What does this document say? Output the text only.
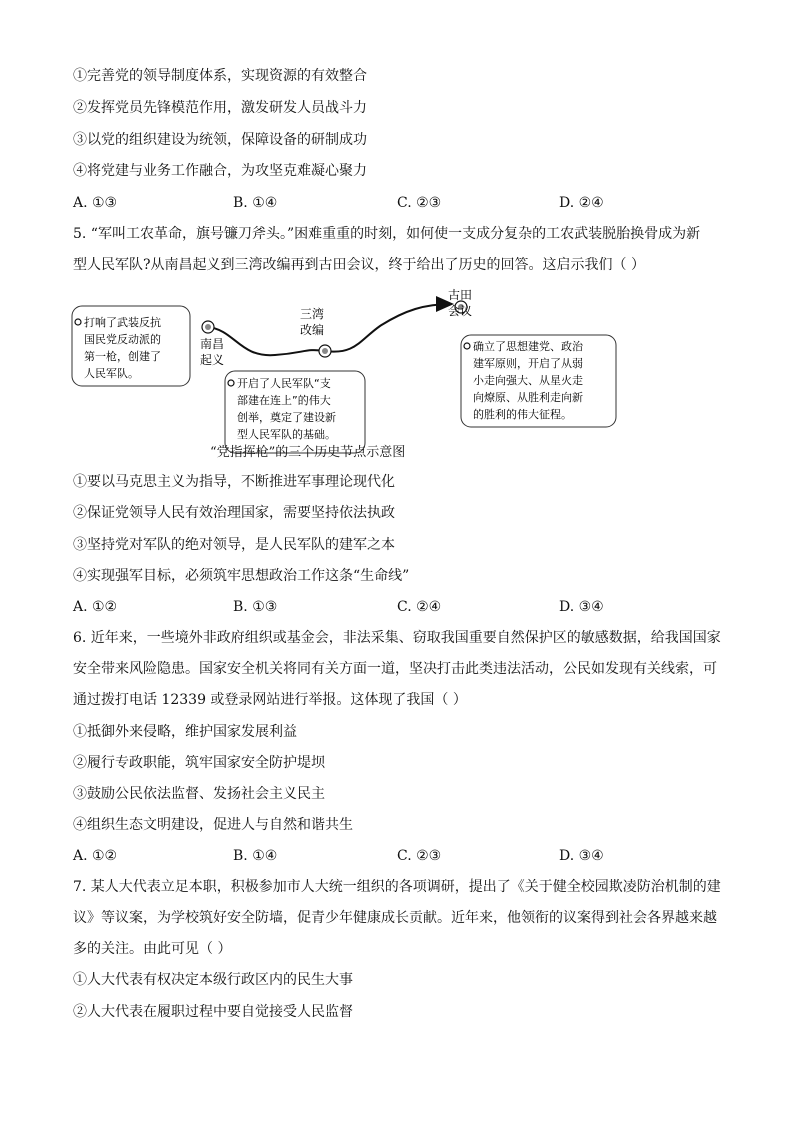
①完善党的领导制度体系，实现资源的有效整合
②发挥党员先锋模范作用，激发研发人员战斗力
③以党的组织建设为统领，保障设备的研制成功
④将党建与业务工作融合，为攻坚克难凝心聚力
A. ①③	B. ①④	C. ②③	D. ②④
5. “军叫工农革命，旗号镰刀斧头。”困难重重的时刻，如何使一支成分复杂的工农武装脱胎换骨成为新
型人民军队?从南昌起义到三湾改编再到古田会议，终于给出了历史的回答。这启示我们（ ）
南昌
起义
三湾
改编
古田
会议
打响了武装反抗
国民党反动派的
第一枪，创建了
人民军队。
开启了人民军队“支
部建在连上”的伟大
创举，奠定了建设新
型人民军队的基础。
确立了思想建党、政治
建军原则，开启了从弱
小走向强大、从星火走
向燎原、从胜利走向新
的胜利的伟大征程。
“党指挥枪”的三个历史节点示意图
①要以马克思主义为指导，不断推进军事理论现代化
②保证党领导人民有效治理国家，需要坚持依法执政
③坚持党对军队的绝对领导，是人民军队的建军之本
④实现强军目标，必须筑牢思想政治工作这条“生命线”
A. ①②	B. ①③	C. ②④	D. ③④
6. 近年来，一些境外非政府组织或基金会，非法采集、窃取我国重要自然保护区的敏感数据，给我国国家
安全带来风险隐患。国家安全机关将同有关方面一道，坚决打击此类违法活动，公民如发现有关线索，可
通过拨打电话 12339 或登录网站进行举报。这体现了我国（ ）
①抵御外来侵略，维护国家发展利益
②履行专政职能，筑牢国家安全防护堤坝
③鼓励公民依法监督、发扬社会主义民主
④组织生态文明建设，促进人与自然和谐共生
A. ①②	B. ①④	C. ②③	D. ③④
7. 某人大代表立足本职，积极参加市人大统一组织的各项调研，提出了《关于健全校园欺凌防治机制的建
议》等议案，为学校筑好安全防墙，促青少年健康成长贡献。近年来，他领衔的议案得到社会各界越来越
多的关注。由此可见（ ）
①人大代表有权决定本级行政区内的民生大事
②人大代表在履职过程中要自觉接受人民监督
